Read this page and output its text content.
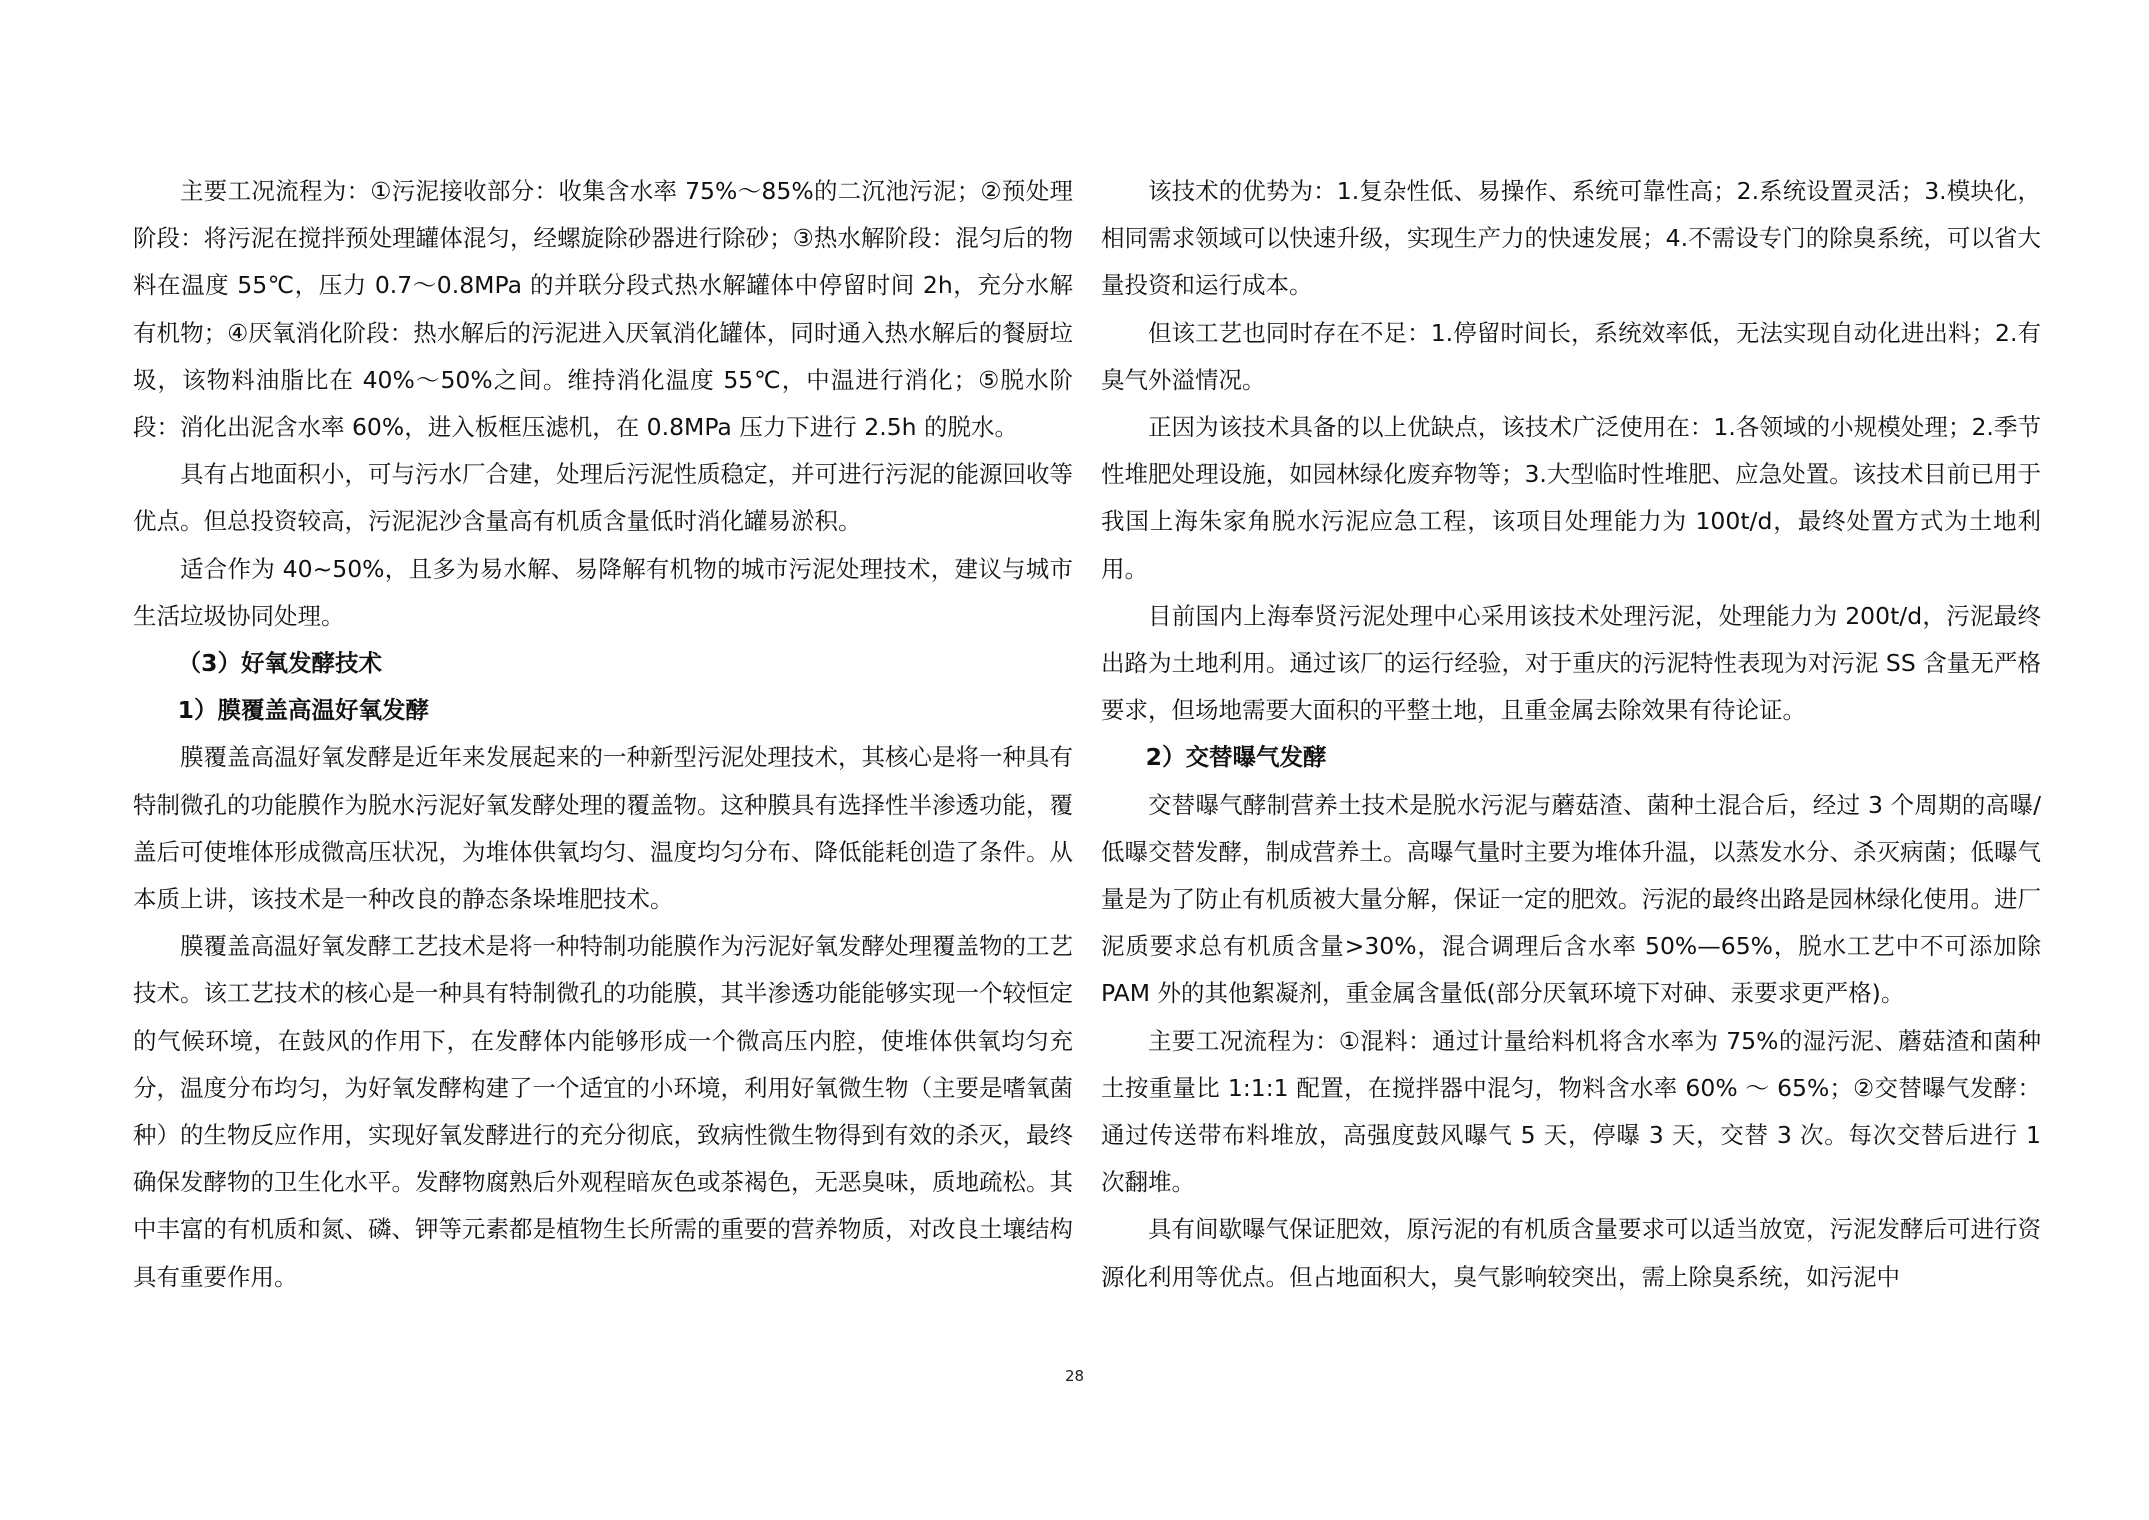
主要工况流程为：①污泥接收部分：收集含水率 75%～85%的二沉池污泥；②预处理阶段：将污泥在搅拌预处理罐体混匀，经螺旋除砂器进行除砂；③热水解阶段：混匀后的物料在温度 55℃，压力 0.7～0.8MPa 的并联分段式热水解罐体中停留时间 2h，充分水解有机物；④厌氧消化阶段：热水解后的污泥进入厌氧消化罐体，同时通入热水解后的餐厨垃圾，该物料油脂比在 40%～50%之间。维持消化温度 55℃，中温进行消化；⑤脱水阶段：消化出泥含水率 60%，进入板框压滤机，在 0.8MPa 压力下进行 2.5h 的脱水。

具有占地面积小，可与污水厂合建，处理后污泥性质稳定，并可进行污泥的能源回收等优点。但总投资较高，污泥泥沙含量高有机质含量低时消化罐易淤积。

适合作为 40~50%，且多为易水解、易降解有机物的城市污泥处理技术，建议与城市生活垃圾协同处理。

（3）好氧发酵技术

1）膜覆盖高温好氧发酵

膜覆盖高温好氧发酵是近年来发展起来的一种新型污泥处理技术，其核心是将一种具有特制微孔的功能膜作为脱水污泥好氧发酵处理的覆盖物。这种膜具有选择性半渗透功能，覆盖后可使堆体形成微高压状况，为堆体供氧均匀、温度均匀分布、降低能耗创造了条件。从本质上讲，该技术是一种改良的静态条垛堆肥技术。

膜覆盖高温好氧发酵工艺技术是将一种特制功能膜作为污泥好氧发酵处理覆盖物的工艺技术。该工艺技术的核心是一种具有特制微孔的功能膜，其半渗透功能能够实现一个较恒定的气候环境，在鼓风的作用下，在发酵体内能够形成一个微高压内腔，使堆体供氧均匀充分，温度分布均匀，为好氧发酵构建了一个适宜的小环境，利用好氧微生物（主要是嗜氧菌种）的生物反应作用，实现好氧发酵进行的充分彻底，致病性微生物得到有效的杀灭，最终确保发酵物的卫生化水平。发酵物腐熟后外观程暗灰色或茶褐色，无恶臭味，质地疏松。其中丰富的有机质和氮、磷、钾等元素都是植物生长所需的重要的营养物质，对改良土壤结构具有重要作用。

该技术的优势为：1.复杂性低、易操作、系统可靠性高；2.系统设置灵活；3.模块化，相同需求领域可以快速升级，实现生产力的快速发展；4.不需设专门的除臭系统，可以省大量投资和运行成本。

但该工艺也同时存在不足：1.停留时间长，系统效率低，无法实现自动化进出料；2.有臭气外溢情况。

正因为该技术具备的以上优缺点，该技术广泛使用在：1.各领域的小规模处理；2.季节性堆肥处理设施，如园林绿化废弃物等；3.大型临时性堆肥、应急处置。该技术目前已用于我国上海朱家角脱水污泥应急工程，该项目处理能力为 100t/d，最终处置方式为土地利用。

目前国内上海奉贤污泥处理中心采用该技术处理污泥，处理能力为 200t/d，污泥最终出路为土地利用。通过该厂的运行经验，对于重庆的污泥特性表现为对污泥 SS 含量无严格要求，但场地需要大面积的平整土地，且重金属去除效果有待论证。

2）交替曝气发酵

交替曝气酵制营养土技术是脱水污泥与蘑菇渣、菌种土混合后，经过 3 个周期的高曝/低曝交替发酵，制成营养土。高曝气量时主要为堆体升温，以蒸发水分、杀灭病菌；低曝气量是为了防止有机质被大量分解，保证一定的肥效。污泥的最终出路是园林绿化使用。进厂泥质要求总有机质含量>30%，混合调理后含水率 50%—65%，脱水工艺中不可添加除 PAM 外的其他絮凝剂，重金属含量低(部分厌氧环境下对砷、汞要求更严格)。

主要工况流程为：①混料：通过计量给料机将含水率为 75%的湿污泥、蘑菇渣和菌种土按重量比 1:1:1 配置，在搅拌器中混匀，物料含水率 60% ～ 65%；②交替曝气发酵：通过传送带布料堆放，高强度鼓风曝气 5 天，停曝 3 天，交替 3 次。每次交替后进行 1 次翻堆。

具有间歇曝气保证肥效，原污泥的有机质含量要求可以适当放宽，污泥发酵后可进行资源化利用等优点。但占地面积大，臭气影响较突出，需上除臭系统，如污泥中

28
